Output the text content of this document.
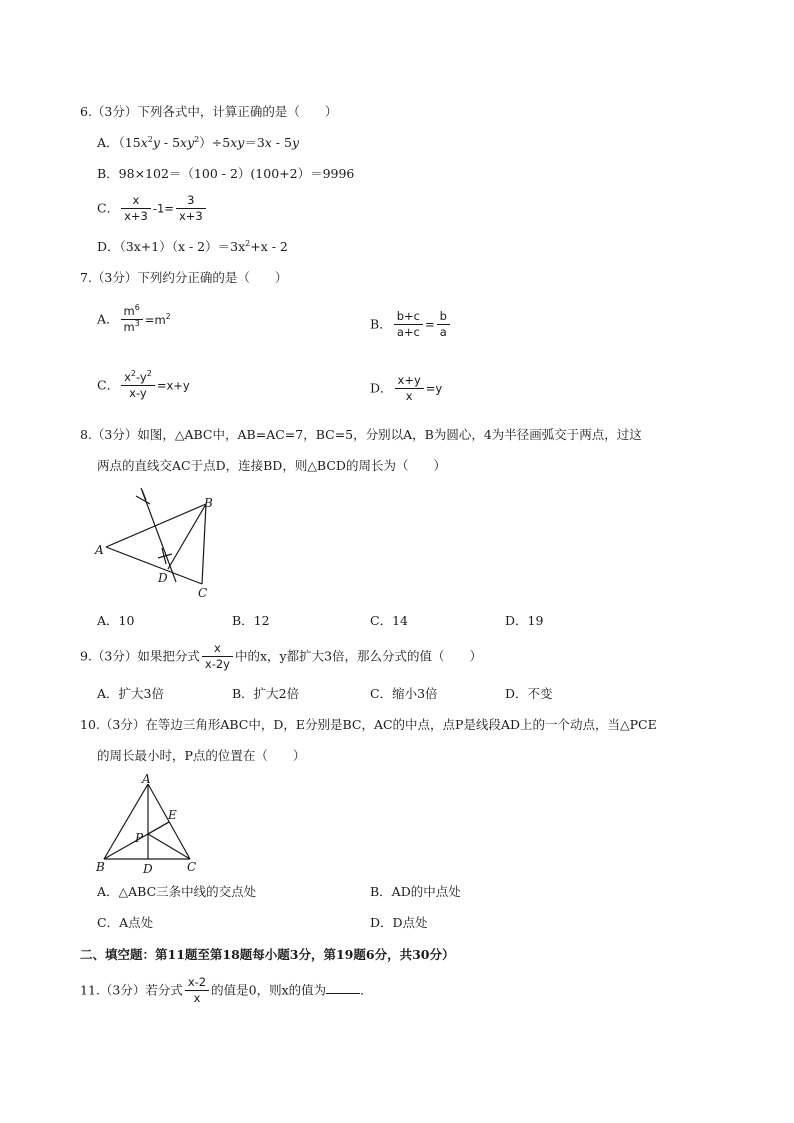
6.（3分）下列各式中，计算正确的是（　　）
A．$(15x^2y - 5xy^2)\div 5xy=3x - 5y$
B．98×102＝（100 - 2）(100+2）＝9996
C． $\frac{x}{x+3} -1= \frac{3}{x+3}$
D．$(3x+1)(x - 2)=3x^2+x - 2$
7.（3分）下列约分正确的是（　　）
A． $\frac{m^6}{m^3} =m^2$
B． $\frac{b+c}{a+c} = \frac{b}{a}$
C． $\frac{x^2-y^2}{x-y} =x+y$	D． $\frac{x+y}{x} =y$
8.（3分）如图，△ABC中，AB=AC=7，BC=5，分别以A，B为圆心，4为半径画弧交于两点，过这
两点的直线交AC于点D，连接BD，则△BCD的周长为（　　）
A
B
C
D
A．10	B．12	C．14	D．19
9.（3分）如果把分式 $\frac{x}{x-2y}$ 中的x，y都扩大3倍，那么分式的值（　　）
A．扩大3倍	B．扩大2倍	C．缩小3倍	D．不变
10.（3分）在等边三角形ABC中，D，E分别是BC，AC的中点，点P是线段AD上的一个动点，当△PCE
的周长最小时，P点的位置在（　　）
A
B	C
D
E
P
A．△ABC三条中线的交点处	B．AD的中点处
C．A点处	D．D点处
二、填空题：第11题至第18题每小题3分，第19题6分，共30分）
11.（3分）若分式 $\frac{x-2}{x}$ 的值是0，则x的值为	．
